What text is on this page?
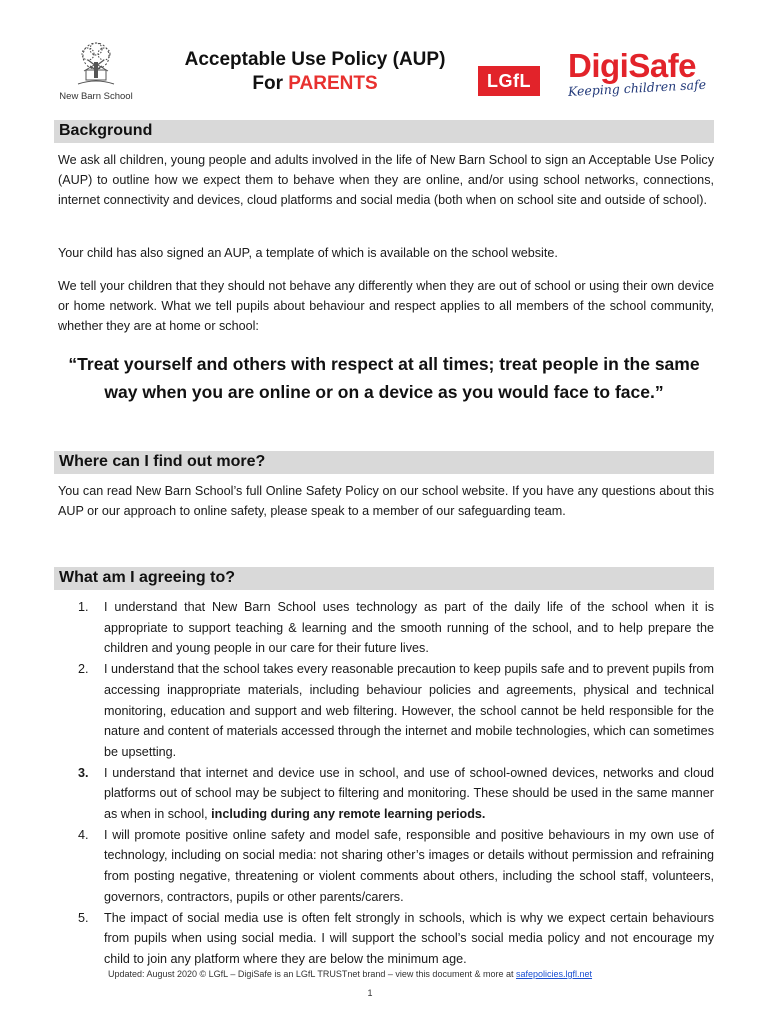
New Barn School
Acceptable Use Policy (AUP)
For PARENTS	LGfL DigiSafe
Keeping children safe
Background
We ask all children, young people and adults involved in the life of New Barn School to sign an Acceptable Use Policy (AUP) to outline how we expect them to behave when they are online, and/or using school networks, connections, internet connectivity and devices, cloud platforms and social media (both when on school site and outside of school).
Your child has also signed an AUP, a template of which is available on the school website.
We tell your children that they should not behave any differently when they are out of school or using their own device or home network. What we tell pupils about behaviour and respect applies to all members of the school community, whether they are at home or school:
“Treat yourself and others with respect at all times; treat people in the same way when you are online or on a device as you would face to face.”
Where can I find out more?
You can read New Barn School’s full Online Safety Policy on our school website. If you have any questions about this AUP or our approach to online safety, please speak to a member of our safeguarding team.
What am I agreeing to?
1.	I understand that New Barn School uses technology as part of the daily life of the school when it is appropriate to support teaching & learning and the smooth running of the school, and to help prepare the children and young people in our care for their future lives.
2.	I understand that the school takes every reasonable precaution to keep pupils safe and to prevent pupils from accessing inappropriate materials, including behaviour policies and agreements, physical and technical monitoring, education and support and web filtering. However, the school cannot be held responsible for the nature and content of materials accessed through the internet and mobile technologies, which can sometimes be upsetting.
3.	I understand that internet and device use in school, and use of school-owned devices, networks and cloud platforms out of school may be subject to filtering and monitoring. These should be used in the same manner as when in school, including during any remote learning periods.
4.	I will promote positive online safety and model safe, responsible and positive behaviours in my own use of technology, including on social media: not sharing other’s images or details without permission and refraining from posting negative, threatening or violent comments about others, including the school staff, volunteers, governors, contractors, pupils or other parents/carers.
5.	The impact of social media use is often felt strongly in schools, which is why we expect certain behaviours from pupils when using social media. I will support the school’s social media policy and not encourage my child to join any platform where they are below the minimum age.
Updated: August 2020 © LGfL – DigiSafe is an LGfL TRUSTnet brand – view this document & more at safepolicies.lgfl.net
1
